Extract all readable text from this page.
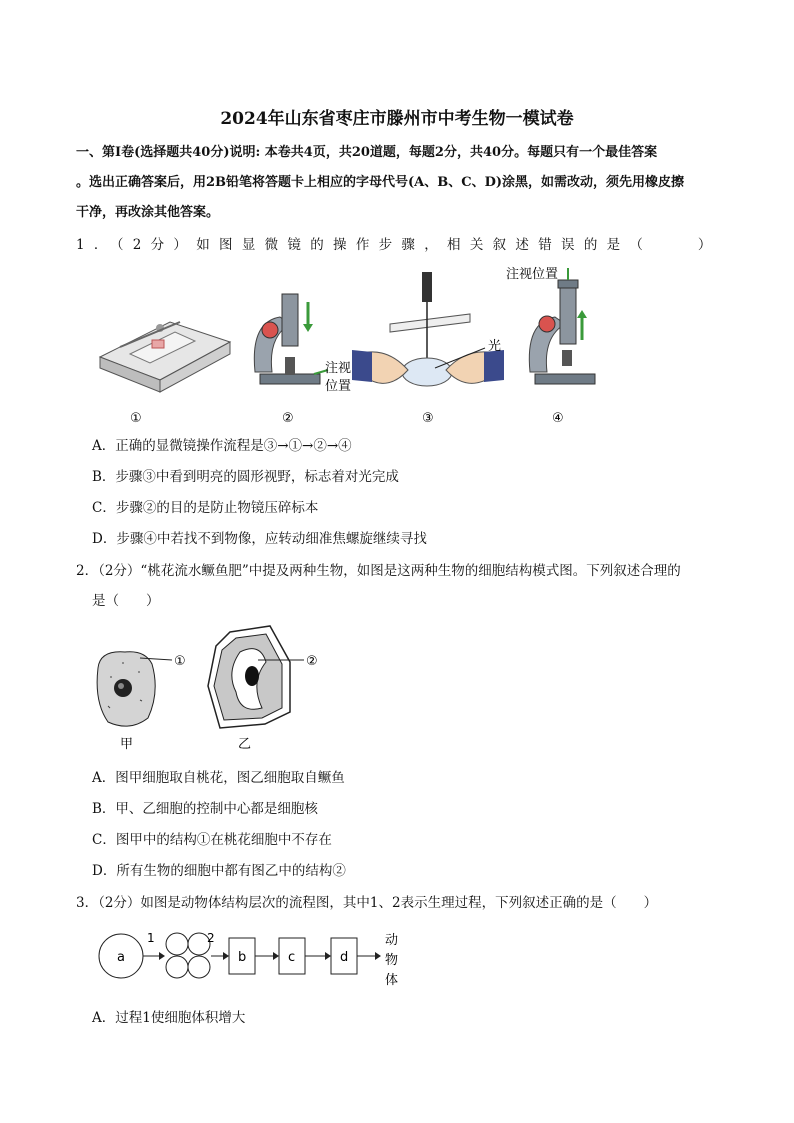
2024年山东省枣庄市滕州市中考生物一模试卷
一、第Ⅰ卷(选择题共40分)说明: 本卷共4页，共20道题，每题2分，共40分。每题只有一个最佳答案
。选出正确答案后，用2B铅笔将答题卡上相应的字母代号(A、B、C、D)涂黑，如需改动，须先用橡皮擦
干净，再改涂其他答案。
1．（2分）如图显微镜的操作步骤，相关叙述错误的是（　　）
①
注视
位置
②
光
③
注视位置
④
A．正确的显微镜操作流程是③→①→②→④
B．步骤③中看到明亮的圆形视野，标志着对光完成
C．步骤②的目的是防止物镜压碎标本
D．步骤④中若找不到物像，应转动细准焦螺旋继续寻找
2．（2分）“桃花流水鳜鱼肥”中提及两种生物，如图是这两种生物的细胞结构模式图。下列叙述合理的
是（　　）
①
甲
②
乙
A．图甲细胞取自桃花，图乙细胞取自鳜鱼
B．甲、乙细胞的控制中心都是细胞核
C．图甲中的结构①在桃花细胞中不存在
D．所有生物的细胞中都有图乙中的结构②
3．（2分）如图是动物体结构层次的流程图，其中1、2表示生理过程，下列叙述正确的是（　　）
a
1	2
b	c	d
动
物
体
A．过程1使细胞体积增大
